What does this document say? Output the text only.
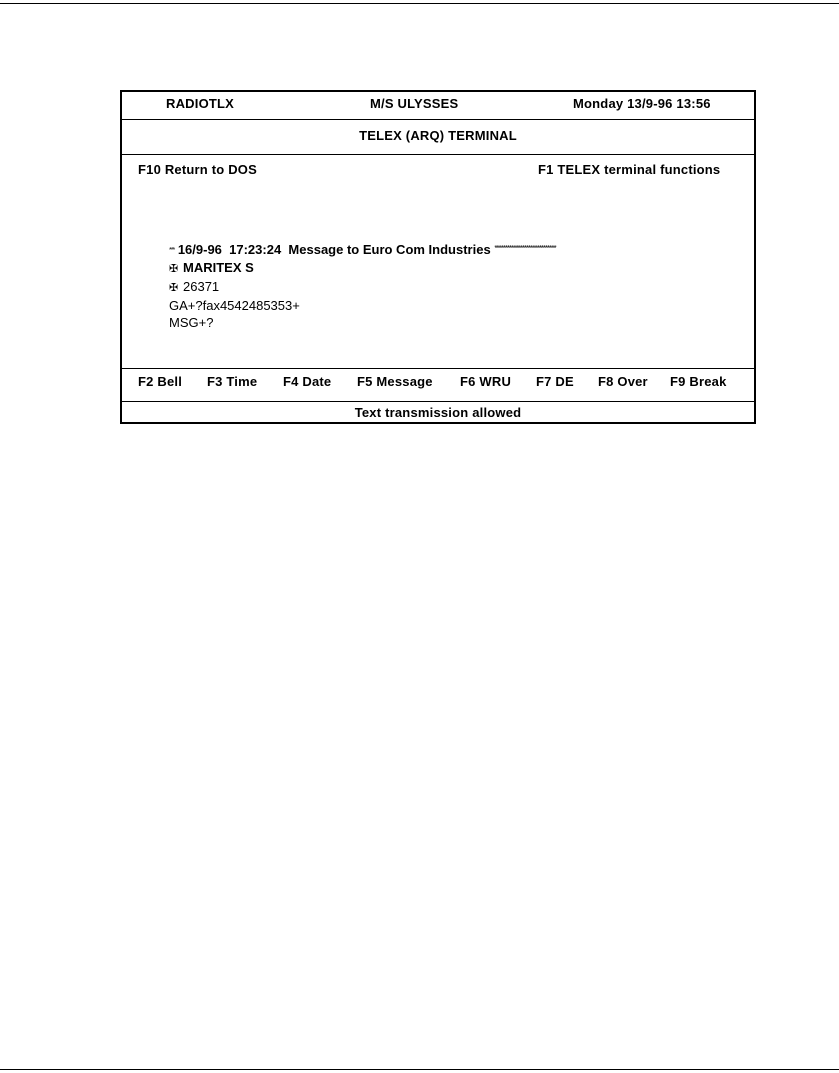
RADIOTLX	M/S ULYSSES	Monday 13/9-96 13:56
TELEX (ARQ) TERMINAL
F10 Return to DOS	F1 TELEX terminal functions
*** 16/9-96 17:23:24 Message to Euro Com Industries *****************************
✠ MARITEX S
✠ 26371
GA+?fax4542485353+
MSG+?
F2 Bell F3 Time F4 Date F5 Message F6 WRU F7 DE F8 Over F9 Break
Text transmission allowed
